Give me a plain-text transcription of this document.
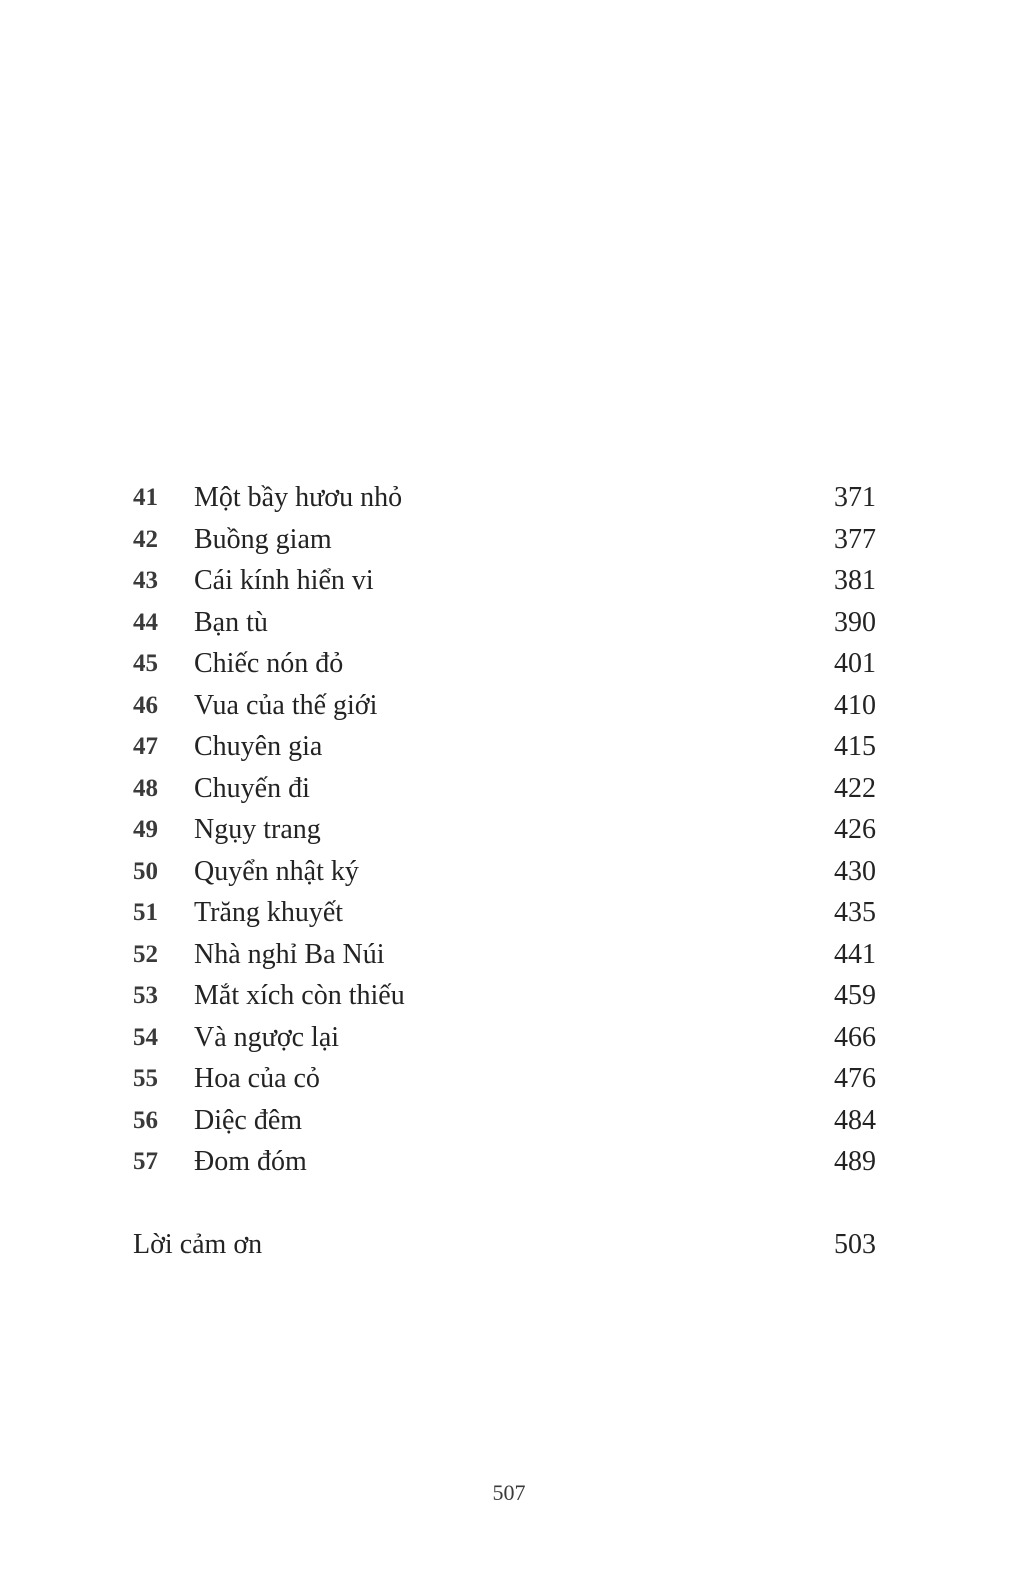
41 Một bầy hươu nhỏ	371
42 Buồng giam	377
43 Cái kính hiển vi	381
44 Bạn tù	390
45 Chiếc nón đỏ	401
46 Vua của thế giới	410
47 Chuyên gia	415
48 Chuyến đi	422
49 Ngụy trang	426
50 Quyển nhật ký	430
51 Trăng khuyết	435
52 Nhà nghỉ Ba Núi	441
53 Mắt xích còn thiếu	459
54 Và ngược lại	466
55 Hoa của cỏ	476
56 Diệc đêm	484
57 Đom đóm	489
Lời cảm ơn	503
507
